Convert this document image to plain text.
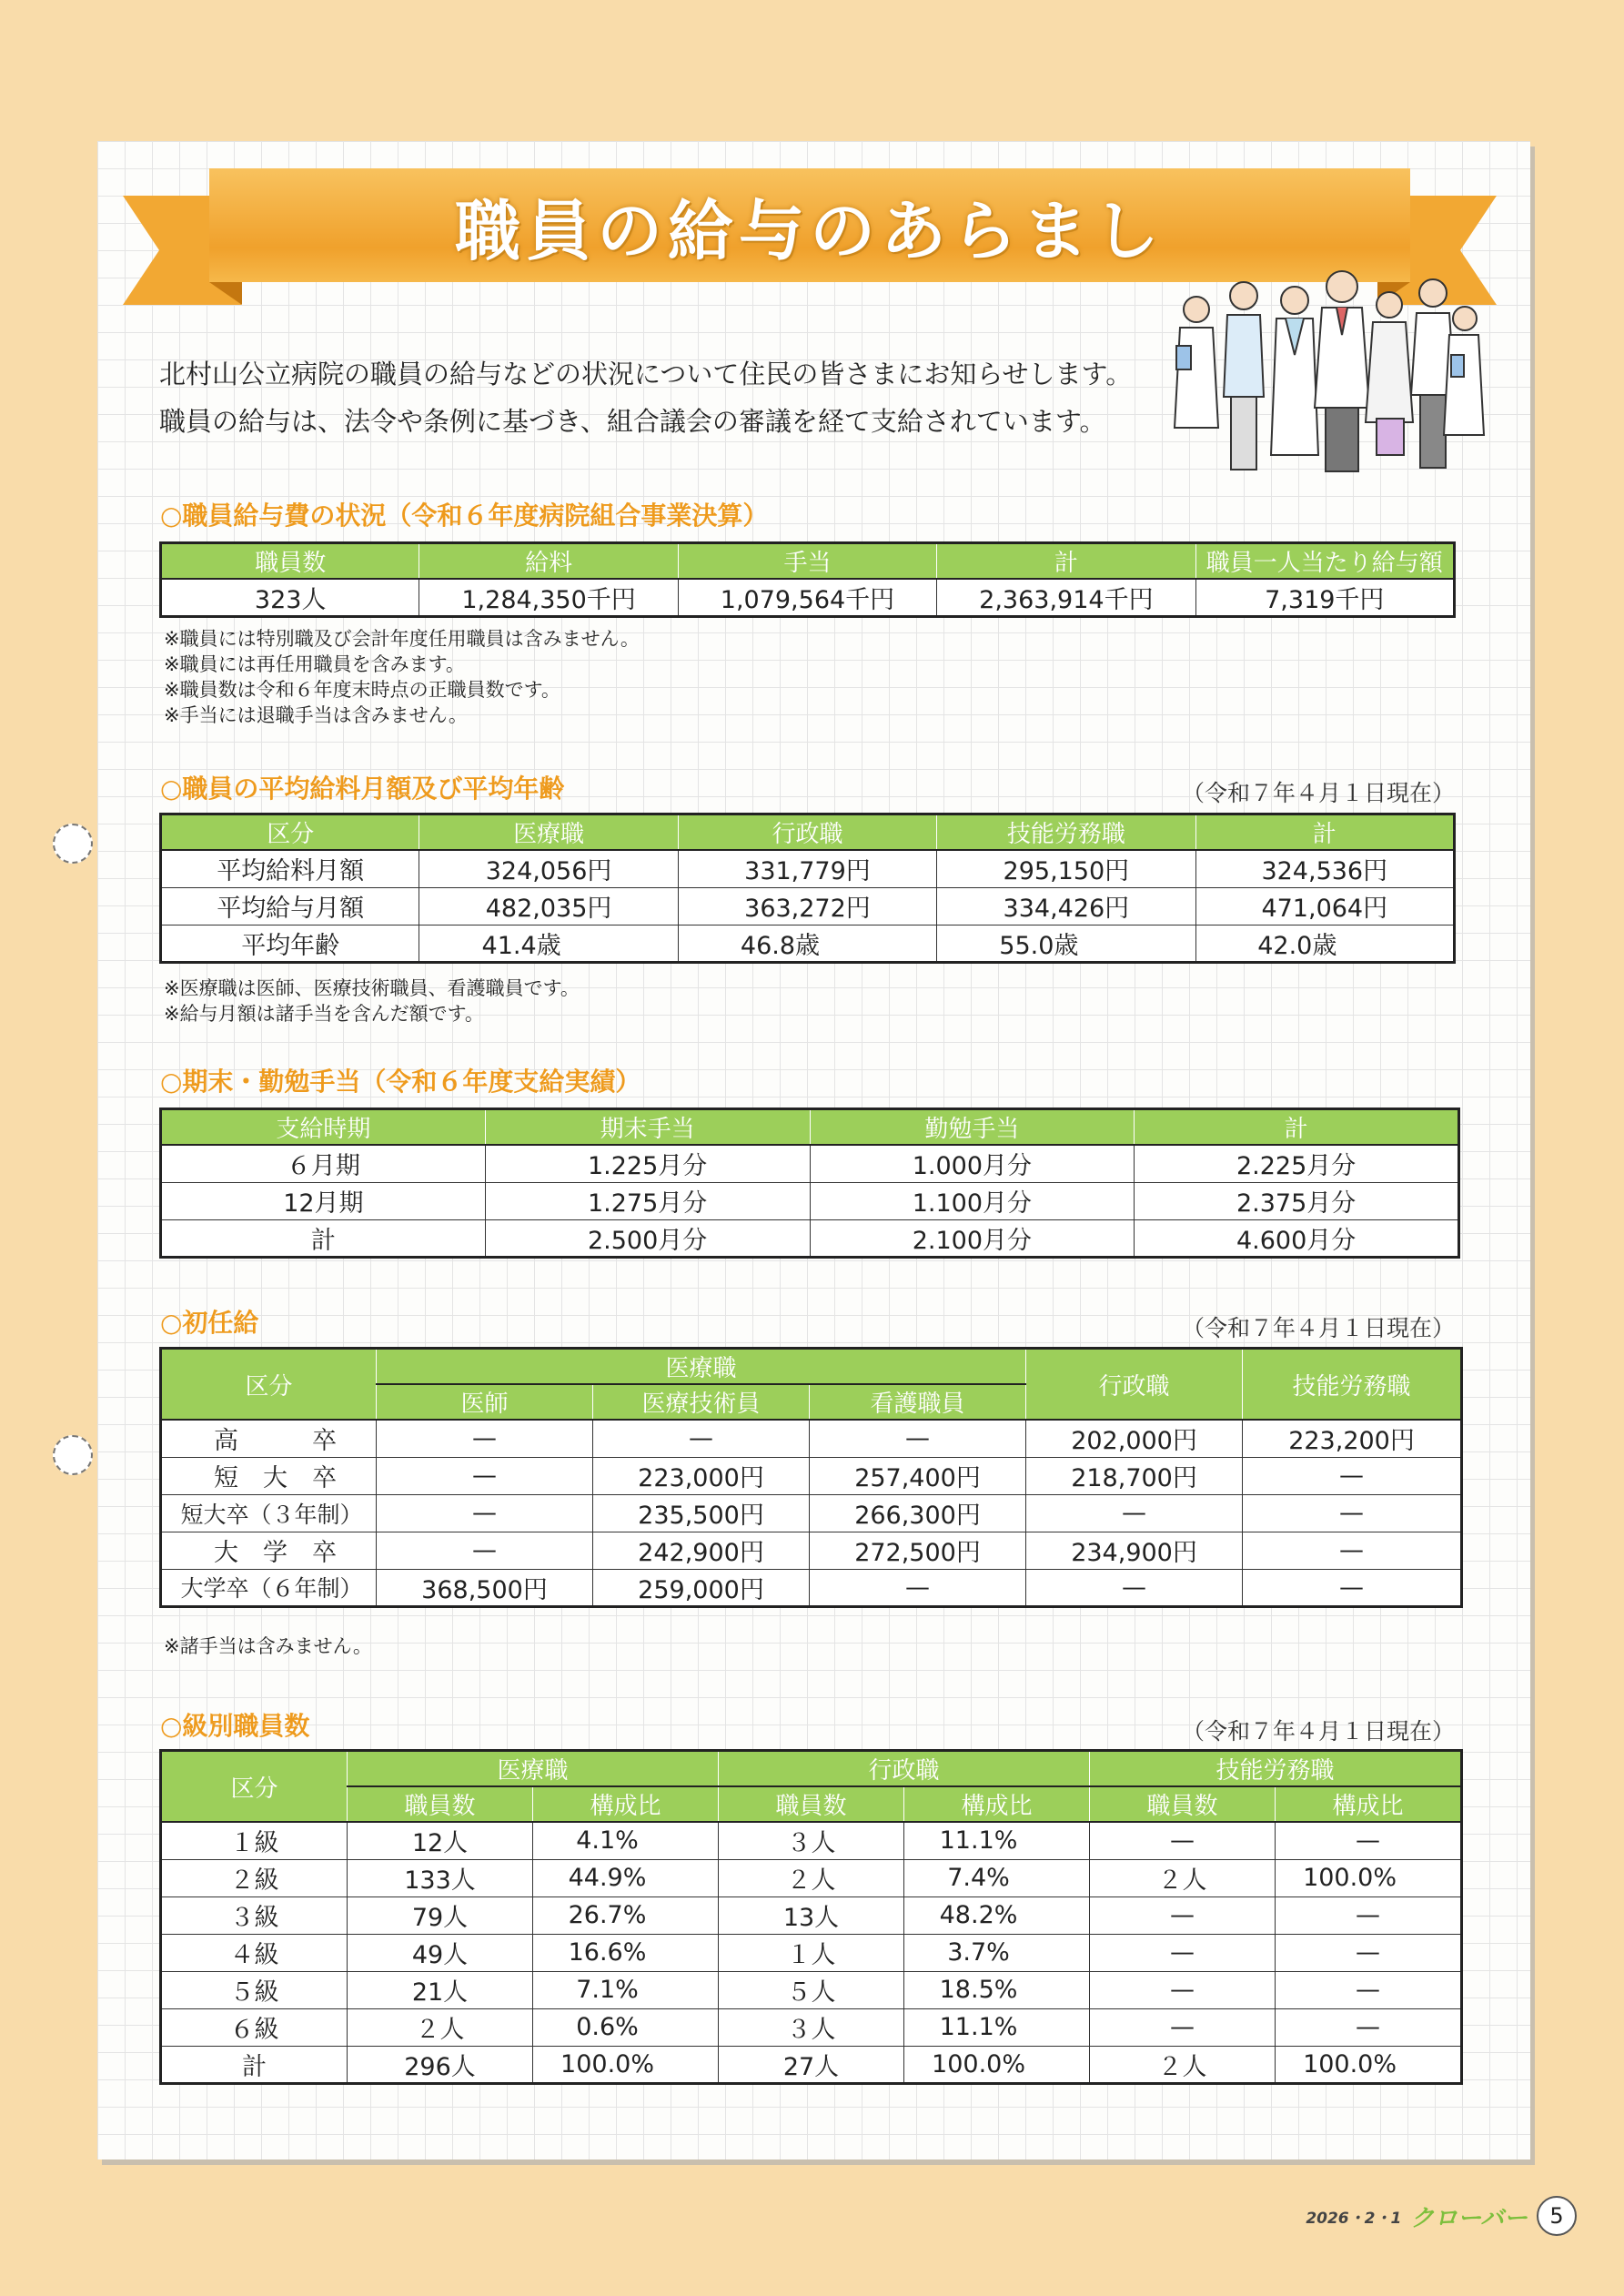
職員の給与のあらまし

北村山公立病院の職員の給与などの状況について住民の皆さまにお知らせします。

職員の給与は、法令や条例に基づき、組合議会の審議を経て支給されています。

○職員給与費の状況（令和６年度病院組合事業決算）
職員数	給料	手当	計	職員一人当たり給与額
323人	1,284,350千円	1,079,564千円	2,363,914千円	7,319千円

※職員には特別職及び会計年度任用職員は含みません。

※職員には再任用職員を含みます。

※職員数は令和６年度末時点の正職員数です。

※手当には退職手当は含みません。

○職員の平均給料月額及び平均年齢	（令和７年４月１日現在）
区分	医療職	行政職	技能労務職	計
平均給料月額	324,056円	331,779円	295,150円	324,536円
平均給与月額	482,035円	363,272円	334,426円	471,064円
平均年齢	41.4歳	46.8歳	55.0歳	42.0歳

※医療職は医師、医療技術職員、看護職員です。

※給与月額は諸手当を含んだ額です。

○期末・勤勉手当（令和６年度支給実績）
支給時期	期末手当	勤勉手当	計
６月期	1.225月分	1.000月分	2.225月分
12月期	1.275月分	1.100月分	2.375月分
計	2.500月分	2.100月分	4.600月分
○初任給	（令和７年４月１日現在）
区分	医療職			行政職	技能労務職
	医師	医療技術員	看護職員		
高　　　卒	—	—	—	202,000円	223,200円
短　大　卒	—	223,000円	257,400円	218,700円	—
短大卒（３年制）	—	235,500円	266,300円	—	—
大　学　卒	—	242,900円	272,500円	234,900円	—
大学卒（６年制）	368,500円	259,000円	—	—	—
※諸手当は含みません。
○級別職員数	（令和７年４月１日現在）
区分	医療職		行政職		技能労務職	
	職員数	構成比	職員数	構成比	職員数	構成比
１級	12人	4.1%	３人	11.1%	—	—
２級	133人	44.9%	２人	7.4%	２人	100.0%
３級	79人	26.7%	13人	48.2%	—	—
４級	49人	16.6%	１人	3.7%	—	—
５級	21人	7.1%	５人	18.5%	—	—
６級	２人	0.6%	３人	11.1%	—	—
計	296人	100.0%	27人	100.0%	２人	100.0%
2026・2・1 クローバー	5
